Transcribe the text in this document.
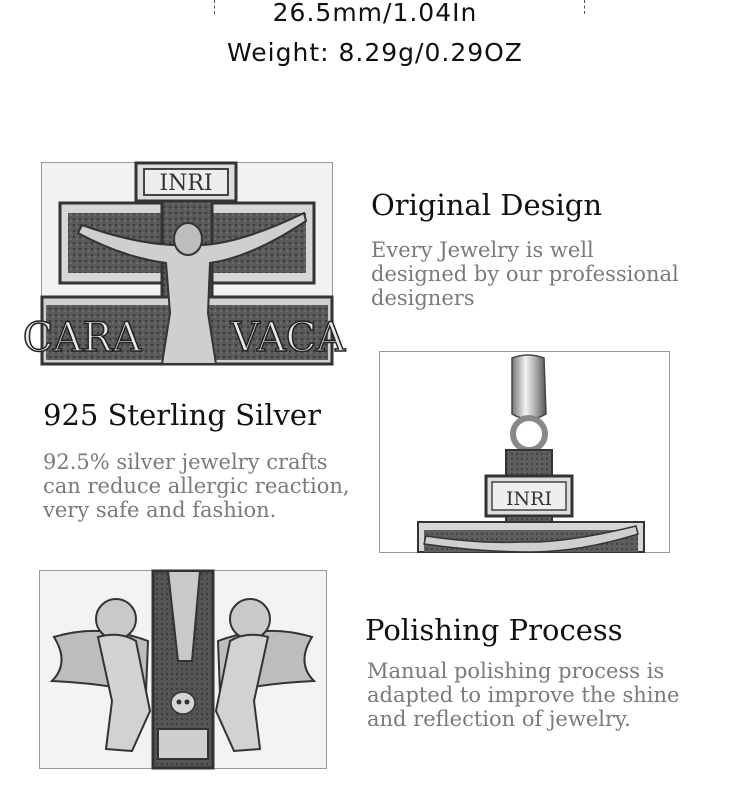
26.5mm/1.04In
Weight: 8.29g/0.29OZ
INRI
CARA VACA
Original Design
Every Jewelry is well
designed by our professional
designers
INRI
925 Sterling Silver
92.5% silver jewelry crafts
can reduce allergic reaction,
very safe and fashion.
Polishing Process
Manual polishing process is
adapted to improve the shine
and reflection of jewelry.
